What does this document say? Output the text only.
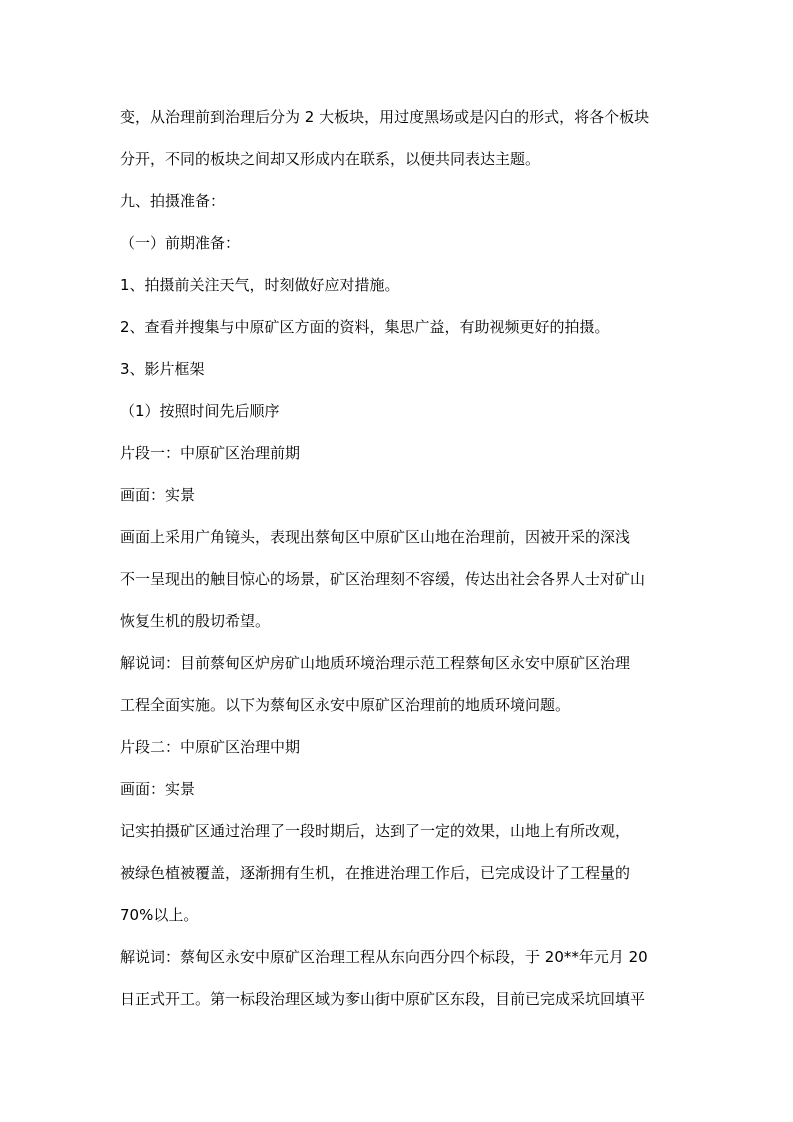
变，从治理前到治理后分为 2 大板块，用过度黑场或是闪白的形式，将各个板块
分开，不同的板块之间却又形成内在联系，以便共同表达主题。
九、拍摄准备：
（一）前期准备：
1、拍摄前关注天气，时刻做好应对措施。
2、查看并搜集与中原矿区方面的资料，集思广益，有助视频更好的拍摄。
3、影片框架
（1）按照时间先后顺序
片段一：中原矿区治理前期
画面：实景
画面上采用广角镜头，表现出蔡甸区中原矿区山地在治理前，因被开采的深浅
不一呈现出的触目惊心的场景，矿区治理刻不容缓，传达出社会各界人士对矿山
恢复生机的殷切希望。
解说词：目前蔡甸区炉房矿山地质环境治理示范工程蔡甸区永安中原矿区治理
工程全面实施。以下为蔡甸区永安中原矿区治理前的地质环境问题。
片段二：中原矿区治理中期
画面：实景
记实拍摄矿区通过治理了一段时期后，达到了一定的效果，山地上有所改观，
被绿色植被覆盖，逐渐拥有生机，在推进治理工作后，已完成设计了工程量的
70%以上。
解说词：蔡甸区永安中原矿区治理工程从东向西分四个标段，于 20**年元月 20
日正式开工。第一标段治理区域为奓山街中原矿区东段，目前已完成采坑回填平
